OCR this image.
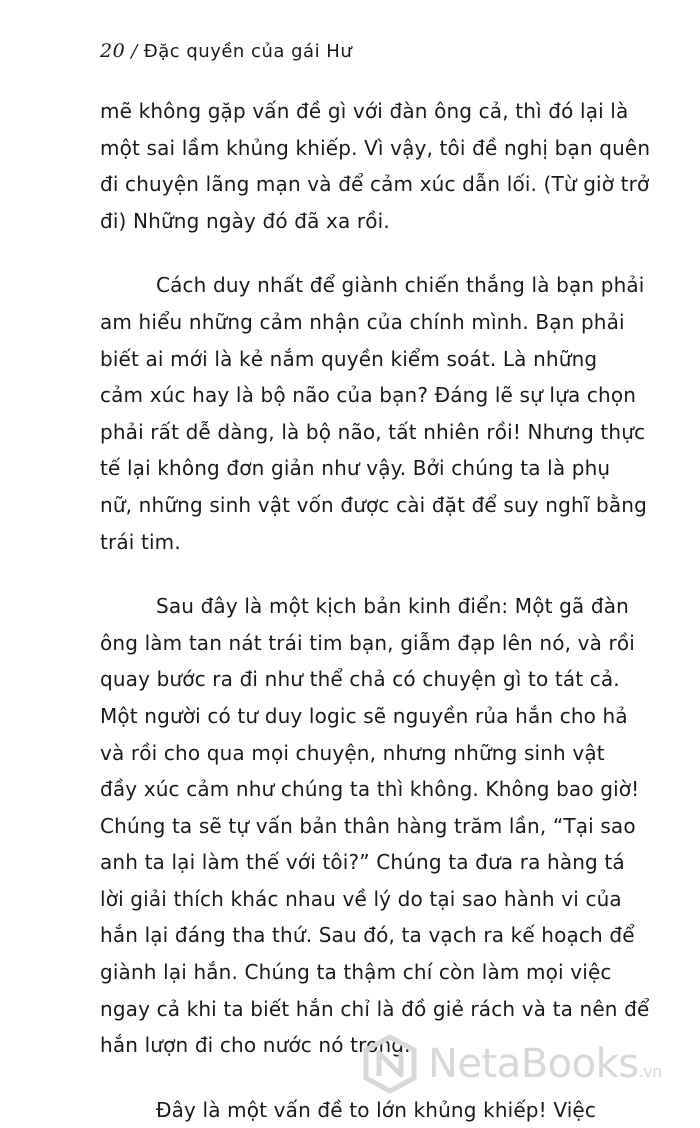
20 / Đặc quyền của gái Hư

mẽ không gặp vấn đề gì với đàn ông cả, thì đó lại là
một sai lầm khủng khiếp. Vì vậy, tôi đề nghị bạn quên
đi chuyện lãng mạn và để cảm xúc dẫn lối. (Từ giờ trở
đi) Những ngày đó đã xa rồi.

Cách duy nhất để giành chiến thắng là bạn phải
am hiểu những cảm nhận của chính mình. Bạn phải
biết ai mới là kẻ nắm quyền kiểm soát. Là những
cảm xúc hay là bộ não của bạn? Đáng lẽ sự lựa chọn
phải rất dễ dàng, là bộ não, tất nhiên rồi! Nhưng thực
tế lại không đơn giản như vậy. Bởi chúng ta là phụ
nữ, những sinh vật vốn được cài đặt để suy nghĩ bằng
trái tim.

Sau đây là một kịch bản kinh điển: Một gã đàn
ông làm tan nát trái tim bạn, giẫm đạp lên nó, và rồi
quay bước ra đi như thể chả có chuyện gì to tát cả.
Một người có tư duy logic sẽ nguyền rủa hắn cho hả
và rồi cho qua mọi chuyện, nhưng những sinh vật
đầy xúc cảm như chúng ta thì không. Không bao giờ!
Chúng ta sẽ tự vấn bản thân hàng trăm lần, “Tại sao
anh ta lại làm thế với tôi?” Chúng ta đưa ra hàng tá
lời giải thích khác nhau về lý do tại sao hành vi của
hắn lại đáng tha thứ. Sau đó, ta vạch ra kế hoạch để
giành lại hắn. Chúng ta thậm chí còn làm mọi việc
ngay cả khi ta biết hắn chỉ là đồ giẻ rách và ta nên để
hắn lượn đi cho nước nó trong.

Đây là một vấn đề to lớn khủng khiếp! Việc

NetaBooks.vn
